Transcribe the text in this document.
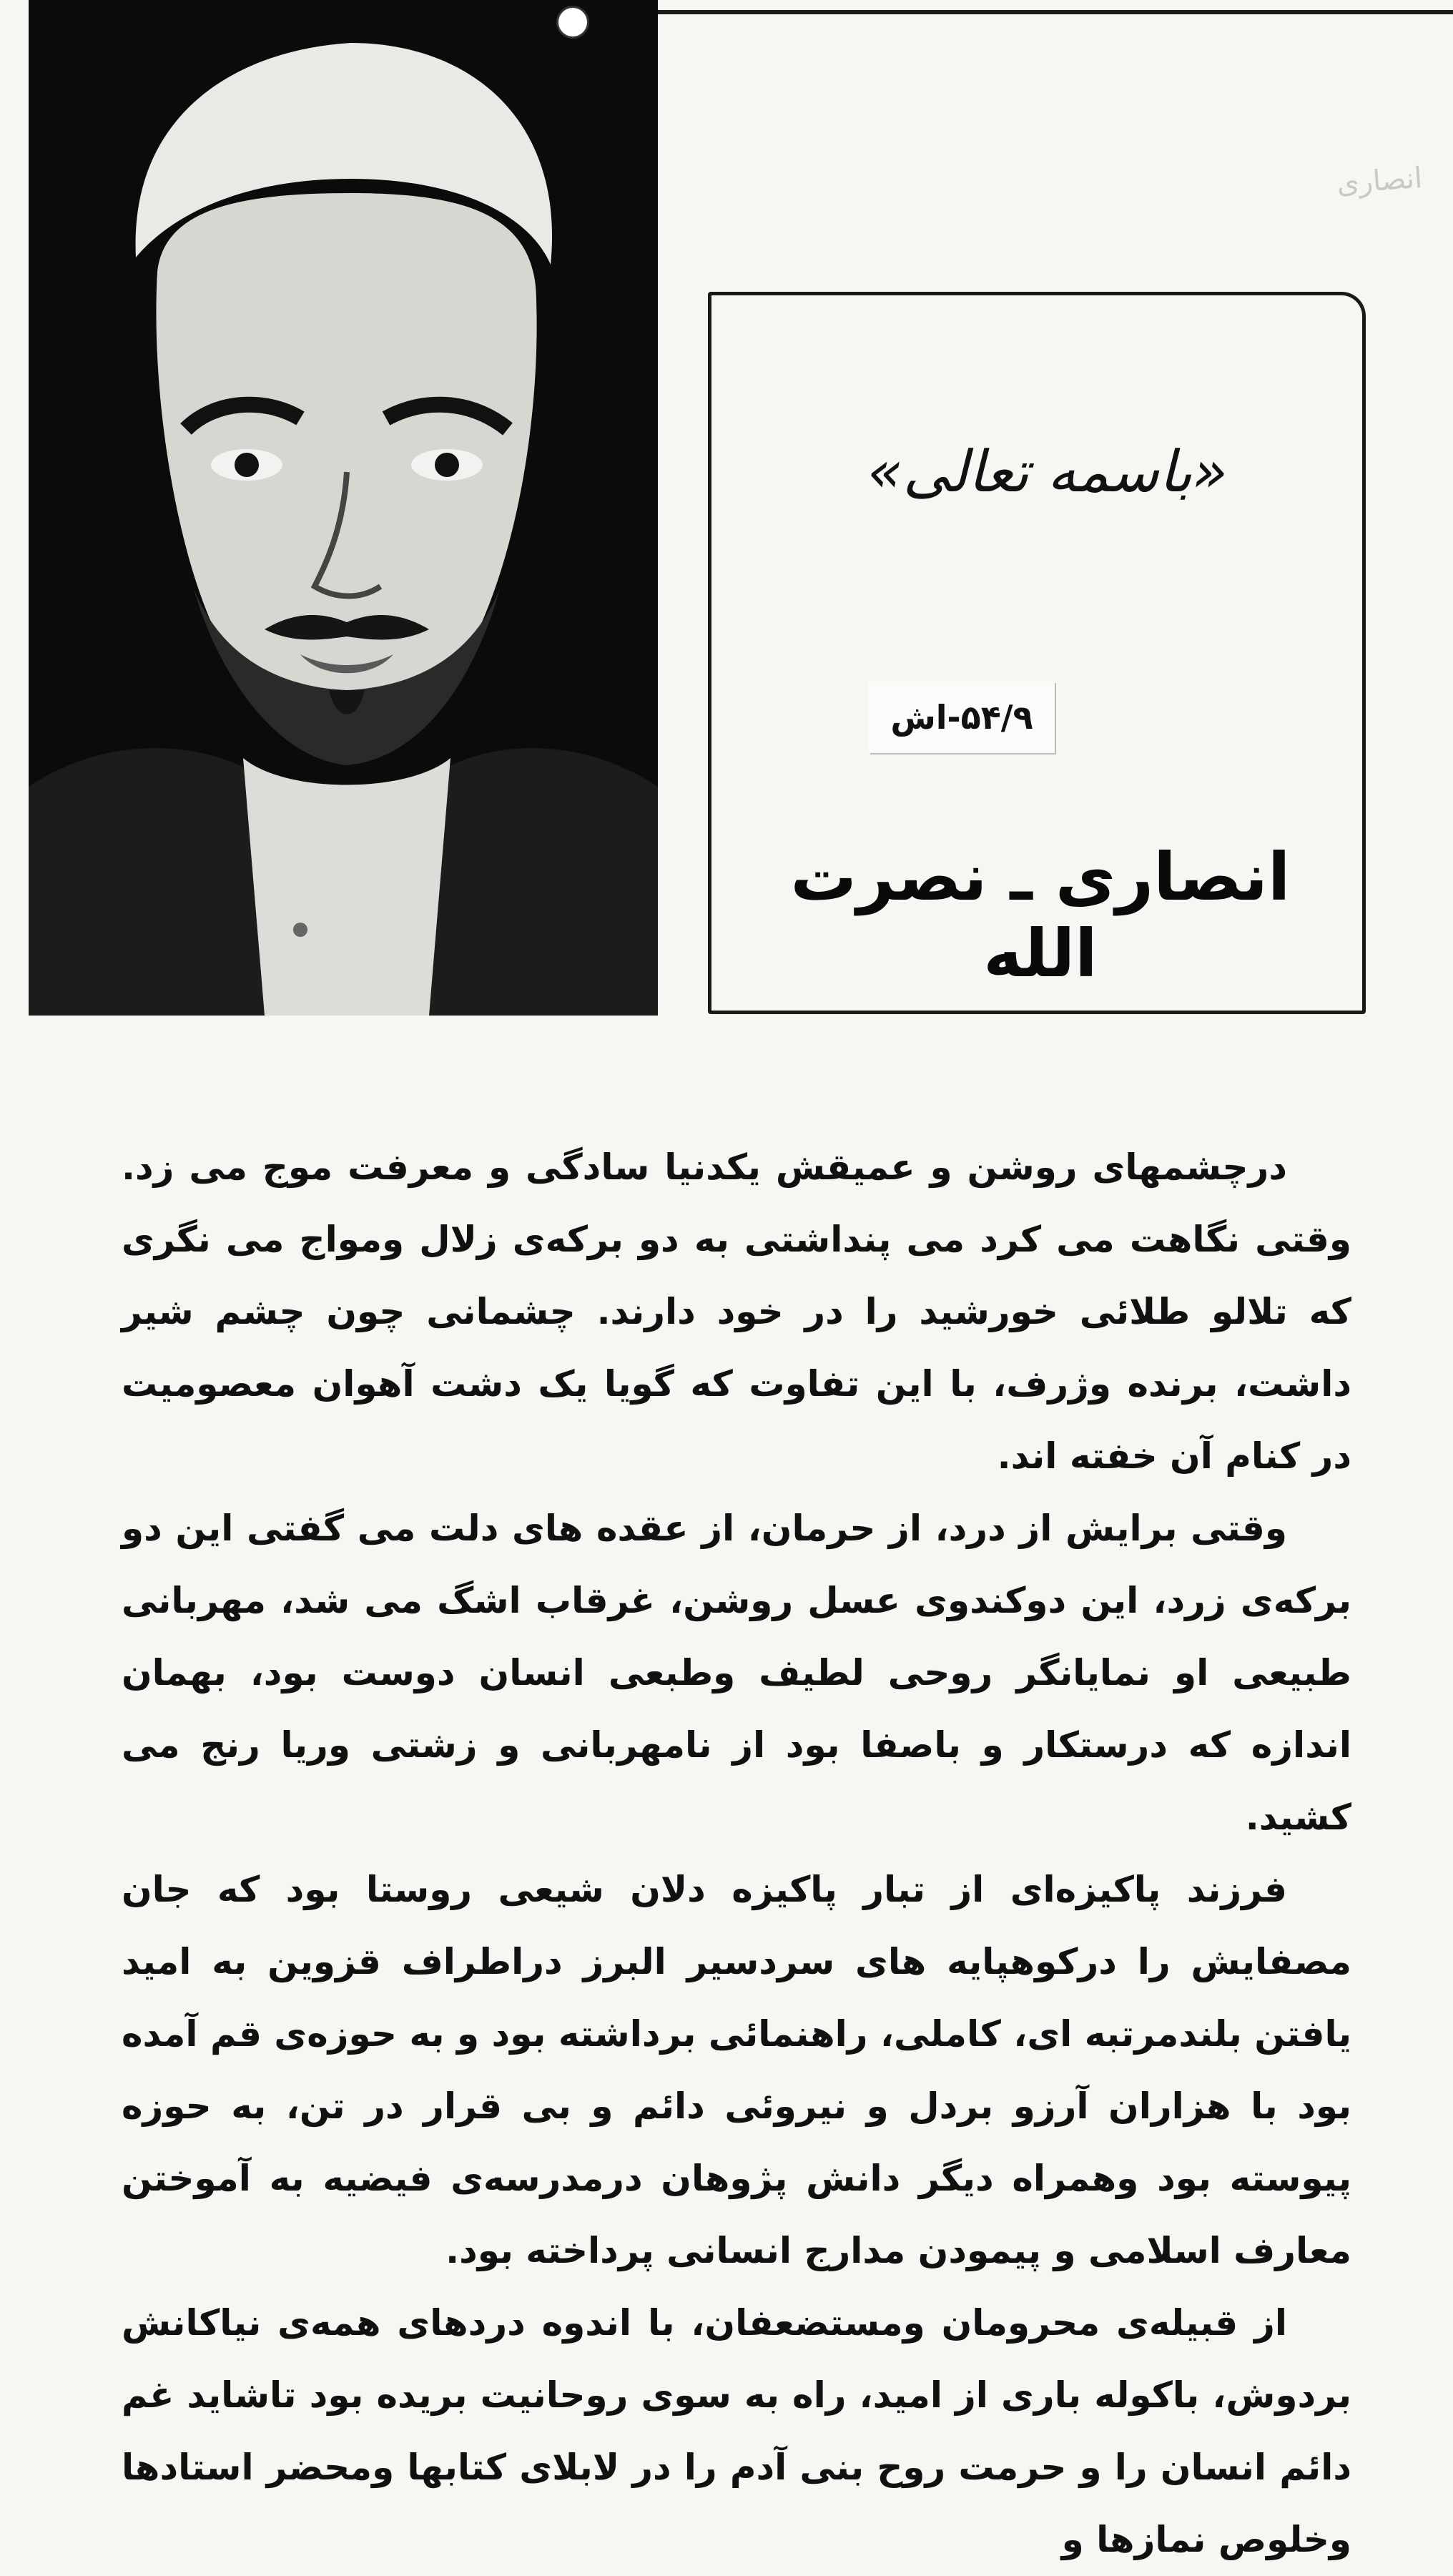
انصاری
«باسمه تعالی»
۵۴/۹-اش
انصاری ـ نصرت الله

درچشمهای روشن و عمیقش یکدنیا سادگی و معرفت موج می زد. وقتی نگاهت می کرد می پنداشتی به دو برکه‌ی زلال ومواج می نگری که تلالو طلائی خورشید را در خود دارند. چشمانی چون چشم شیر داشت، برنده وژرف، با این تفاوت که گویا یک دشت آهوان معصومیت در کنام آن خفته اند.

وقتی برایش از درد، از حرمان، از عقده های دلت می گفتی این دو برکه‌ی زرد، این دوکندوی عسل روشن، غرقاب اشگ می شد، مهربانی طبیعی او نمایانگر روحی لطیف وطبعی انسان دوست بود، بهمان اندازه که درستکار و باصفا بود از نامهربانی و زشتی وریا رنج می کشید.

فرزند پاکیزه‌ای از تبار پاکیزه دلان شیعی روستا بود که جان مصفایش را درکوهپایه های سردسیر البرز دراطراف قزوین به امید یافتن بلندمرتبه ای، کاملی، راهنمائی برداشته بود و به حوزه‌ی قم آمده بود با هزاران آرزو بردل و نیروئی دائم و بی قرار در تن، به حوزه پیوسته بود وهمراه دیگر دانش پژوهان درمدرسه‌ی فیضیه به آموختن معارف اسلامی و پیمودن مدارج انسانی پرداخته بود.

از قبیله‌ی محرومان ومستضعفان، با اندوه دردهای همه‌ی نیاکانش بردوش، باکوله باری از امید، راه به سوی روحانیت بریده بود تاشاید غم دائم انسان را و حرمت روح بنی آدم را در لابلای کتابها ومحضر استادها وخلوص نمازها و
